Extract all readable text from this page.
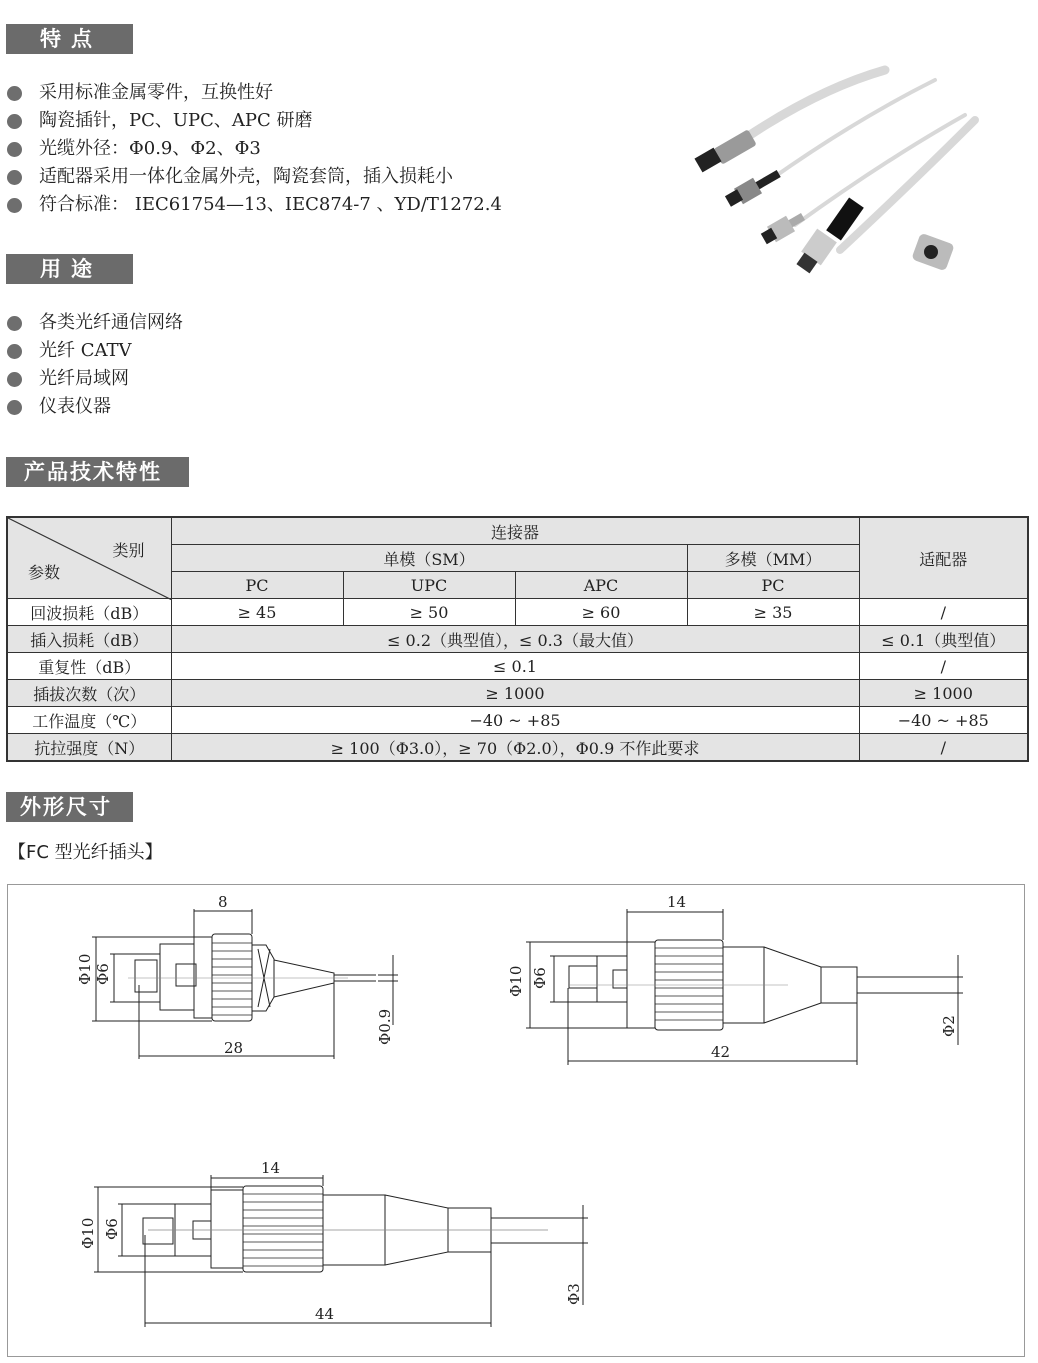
特点
采用标准金属零件，互换性好
陶瓷插针，PC、UPC、APC 研磨
光缆外径：Φ0.9、Φ2、Φ3
适配器采用一体化金属外壳，陶瓷套筒，插入损耗小
符合标准： IEC61754—13、IEC874-7 、YD/T1272.4
用途
各类光纤通信网络
光纤 CATV
光纤局域网
仪表仪器
产品技术特性
类别
参数	连接器				适配器
	单模（SM）			多模（MM）	
	PC	UPC	APC	PC	
回波损耗（dB）	≥ 45	≥ 50	≥ 60	≥ 35	/
插入损耗（dB）	≤ 0.2（典型值），≤ 0.3（最大值）				≤ 0.1（典型值）
重复性（dB）	≤ 0.1				/
插拔次数（次）	≥ 1000				≥ 1000
工作温度（℃）	−40 ~ +85				−40 ~ +85
抗拉强度（N）	≥ 100（Φ3.0），≥ 70（Φ2.0），Φ0.9 不作此要求				/
外形尺寸
【FC 型光纤插头】
8
Φ10 Φ6
28
Φ0.9
14
Φ10 Φ6
42
Φ2
14
Φ10 Φ6
44
Φ3
